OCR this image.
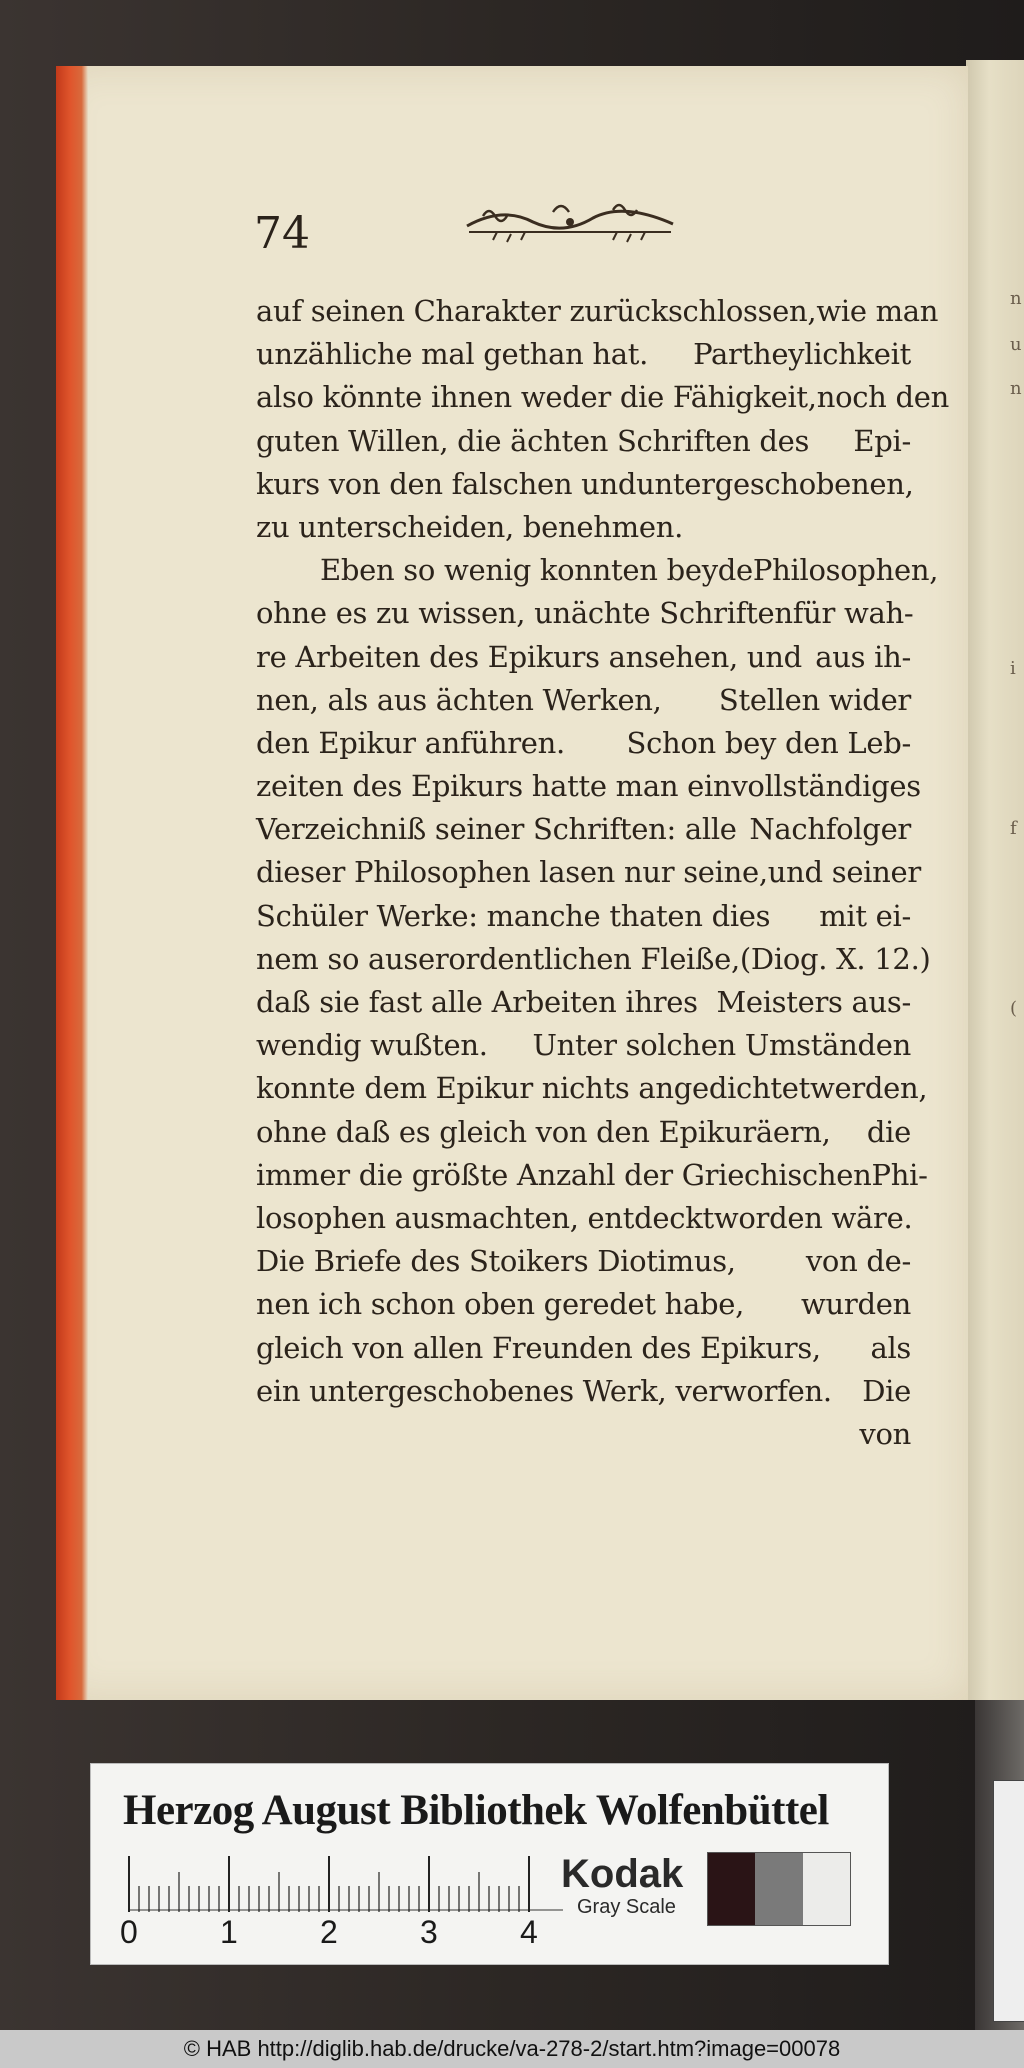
n
u
n
i
f
(
74
auf seinen Charakter zurückschlossen, wie man
unzähliche mal gethan hat. Partheylichkeit
also könnte ihnen weder die Fähigkeit, noch den
guten Willen, die ächten Schriften des Epi-
kurs von den falschen und untergeschobenen,
zu unterscheiden, benehmen.
Eben so wenig konnten beyde Philosophen,
ohne es zu wissen, unächte Schriften für wah-
re Arbeiten des Epikurs ansehen, und aus ih-
nen, als aus ächten Werken, Stellen wider
den Epikur anführen. Schon bey den Leb-
zeiten des Epikurs hatte man ein vollständiges
Verzeichniß seiner Schriften: alle Nachfolger
dieser Philosophen lasen nur seine, und seiner
Schüler Werke: manche thaten dies mit ei-
nem so auserordentlichen Fleiße, (Diog. X. 12.)
daß sie fast alle Arbeiten ihres Meisters aus-
wendig wußten. Unter solchen Umständen
konnte dem Epikur nichts angedichtet werden,
ohne daß es gleich von den Epikuräern, die
immer die größte Anzahl der Griechischen Phi-
losophen ausmachten, entdeckt worden wäre.
Die Briefe des Stoikers Diotimus, von de-
nen ich schon oben geredet habe, wurden
gleich von allen Freunden des Epikurs, als
ein untergeschobenes Werk, verworfen. Die
von
Herzog August Bibliothek Wolfenbüttel
0	1	2	3	4
Kodak
Gray Scale
© HAB http://diglib.hab.de/drucke/va-278-2/start.htm?image=00078
